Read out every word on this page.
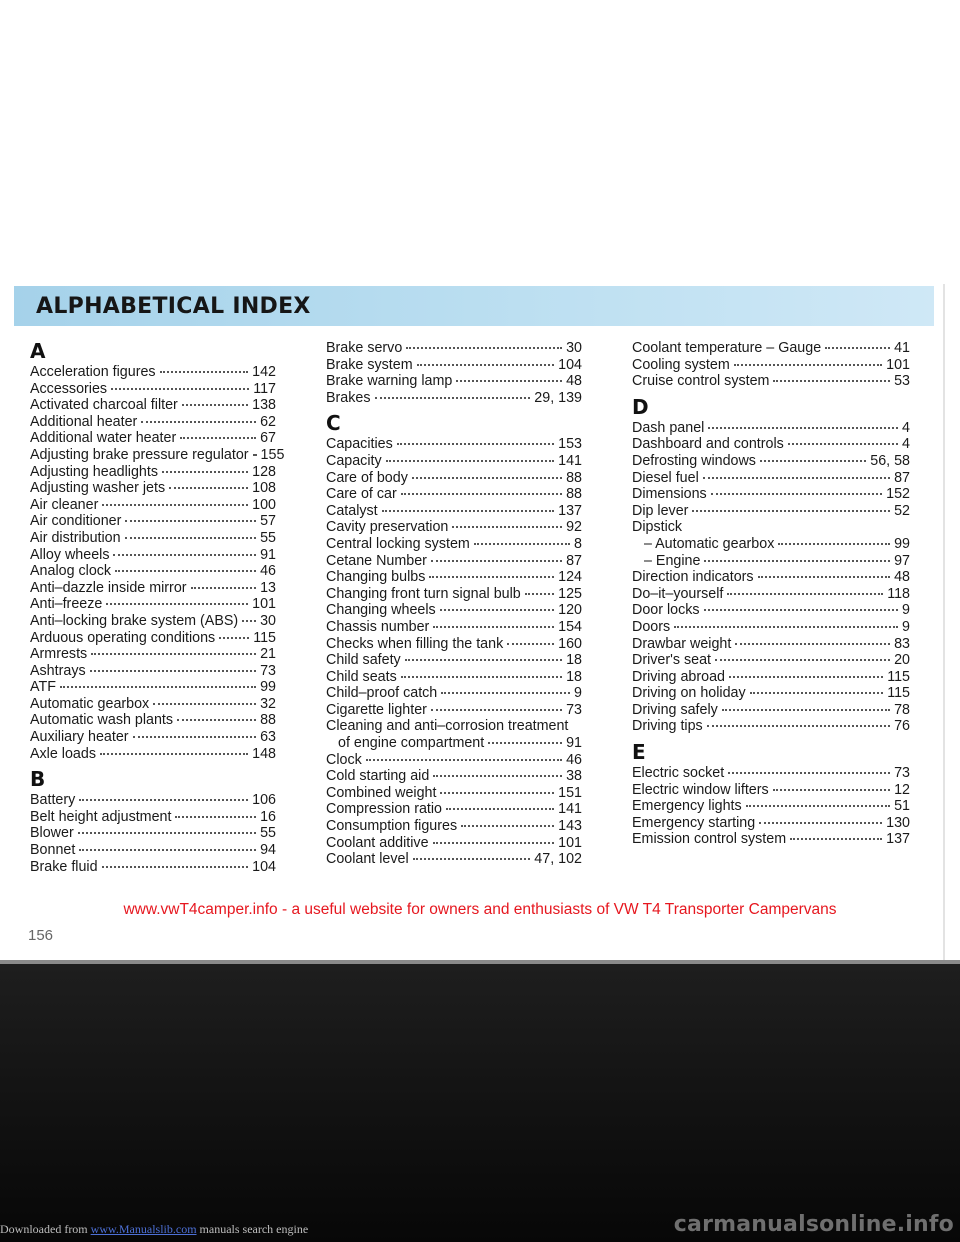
ALPHABETICAL INDEX
A
Acceleration figures	142
Accessories	117
Activated charcoal filter	138
Additional heater	62
Additional water heater	67
Adjusting brake pressure regulator 155
Adjusting headlights	128
Adjusting washer jets	108
Air cleaner	100
Air conditioner	57
Air distribution	55
Alloy wheels	91
Analog clock	46
Anti–dazzle inside mirror	13
Anti–freeze	101
Anti–locking brake system (ABS) 30
Arduous operating conditions	115
Armrests	21
Ashtrays	73
ATF	99
Automatic gearbox	32
Automatic wash plants	88
Auxiliary heater	63
Axle loads	148
B
Battery	106
Belt height adjustment	16
Blower	55
Bonnet	94
Brake fluid	104
Brake servo	30
Brake system	104
Brake warning lamp	48
Brakes	29, 139
C
Capacities	153
Capacity	141
Care of body	88
Care of car	88
Catalyst	137
Cavity preservation	92
Central locking system	8
Cetane Number	87
Changing bulbs	124
Changing front turn signal bulb	125
Changing wheels	120
Chassis number	154
Checks when filling the tank	160
Child safety	18
Child seats	18
Child–proof catch	9
Cigarette lighter	73
Cleaning and anti–corrosion treatment
of engine compartment	91
Clock	46
Cold starting aid	38
Combined weight	151
Compression ratio	141
Consumption figures	143
Coolant additive	101
Coolant level	47, 102
Coolant temperature – Gauge	41
Cooling system	101
Cruise control system	53
D
Dash panel	4
Dashboard and controls	4
Defrosting windows	56, 58
Diesel fuel	87
Dimensions	152
Dip lever	52
Dipstick
– Automatic gearbox	99
– Engine	97
Direction indicators	48
Do–it–yourself	118
Door locks	9
Doors	9
Drawbar weight	83
Driver's seat	20
Driving abroad	115
Driving on holiday	115
Driving safely	78
Driving tips	76
E
Electric socket	73
Electric window lifters	12
Emergency lights	51
Emergency starting	130
Emission control system	137
www.vwT4camper.info - a useful website for owners and enthusiasts of VW T4 Transporter Campervans
156
Downloaded from www.Manualslib.com manuals search engine	carmanualsonline.info
